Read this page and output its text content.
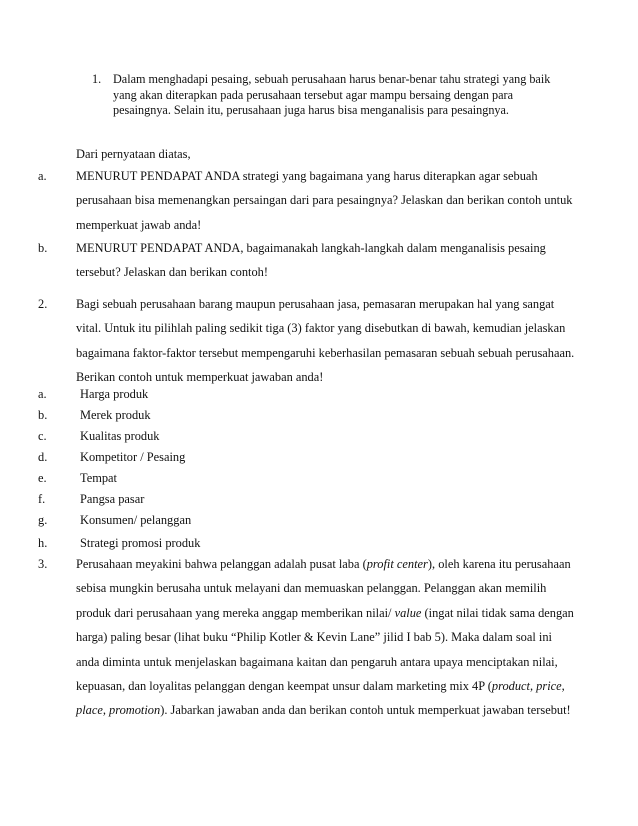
1. Dalam menghadapi pesaing, sebuah perusahaan harus benar-benar tahu strategi yang baik yang akan diterapkan pada perusahaan tersebut agar mampu bersaing dengan para pesaingnya. Selain itu, perusahaan juga harus bisa menganalisis para pesaingnya.
Dari pernyataan diatas,
a. MENURUT PENDAPAT ANDA strategi yang bagaimana yang harus diterapkan agar sebuah perusahaan bisa memenangkan persaingan dari para pesaingnya? Jelaskan dan berikan contoh untuk memperkuat jawab anda!
b. MENURUT PENDAPAT ANDA, bagaimanakah langkah-langkah dalam menganalisis pesaing tersebut? Jelaskan dan berikan contoh!
2. Bagi sebuah perusahaan barang maupun perusahaan jasa, pemasaran merupakan hal yang sangat vital. Untuk itu pilihlah paling sedikit tiga (3) faktor yang disebutkan di bawah, kemudian jelaskan bagaimana faktor-faktor tersebut mempengaruhi keberhasilan pemasaran sebuah sebuah perusahaan. Berikan contoh untuk memperkuat jawaban anda!
a.	Harga produk
b.	Merek produk
c.	Kualitas produk
d.	Kompetitor / Pesaing
e.	Tempat
f.	Pangsa pasar
g.	Konsumen/ pelanggan
h.	Strategi promosi produk
3. Perusahaan meyakini bahwa pelanggan adalah pusat laba (profit center), oleh karena itu perusahaan sebisa mungkin berusaha untuk melayani dan memuaskan pelanggan. Pelanggan akan memilih produk dari perusahaan yang mereka anggap memberikan nilai/ value (ingat nilai tidak sama dengan harga) paling besar (lihat buku “Philip Kotler & Kevin Lane” jilid I bab 5). Maka dalam soal ini anda diminta untuk menjelaskan bagaimana kaitan dan pengaruh antara upaya menciptakan nilai, kepuasan, dan loyalitas pelanggan dengan keempat unsur dalam marketing mix 4P (product, price, place, promotion). Jabarkan jawaban anda dan berikan contoh untuk memperkuat jawaban tersebut!
